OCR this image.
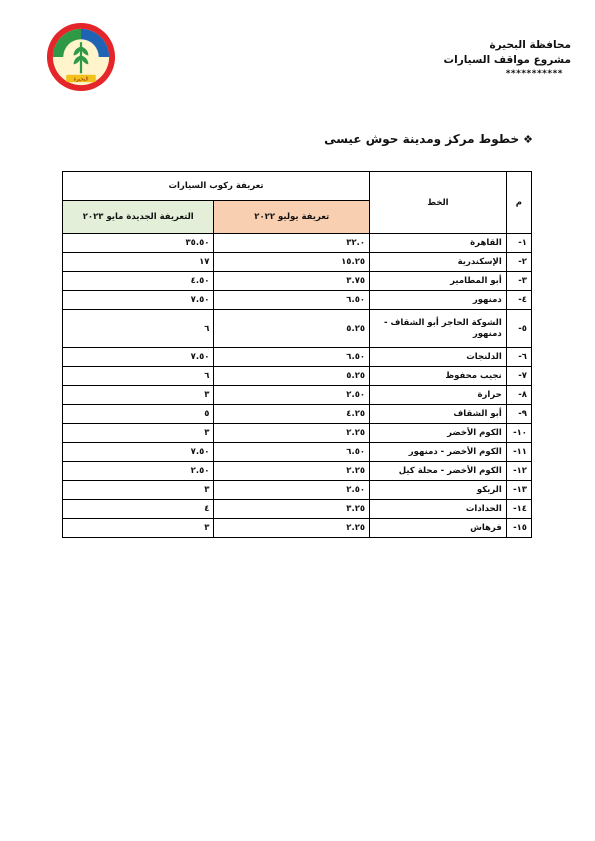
البحيرة
محافظة البحيرة
مشروع مواقف السيارات
***********
❖
خطوط مركز ومدينة حوش عيسى
م	الخط	تعريفة ركوب السيارات	
		تعريفة يوليو ٢٠٢٢	التعريفة الجديدة مايو ٢٠٢٣
١-	القاهرة	٣٢.٠	٣٥.٥٠
٢-	الإسكندرية	١٥.٢٥	١٧
٣-	أبو المطامير	٣.٧٥	٤.٥٠
٤-	دمنهور	٦.٥٠	٧.٥٠
٥-	الشوكة الحاجر أبو الشقاف - دمنهور	٥.٢٥	٦
٦-	الدلنجات	٦.٥٠	٧.٥٠
٧-	نجيب محفوظ	٥.٢٥	٦
٨-	حرارة	٢.٥٠	٣
٩-	أبو الشقاف	٤.٢٥	٥
١٠-	الكوم الأخضر	٢.٢٥	٣
١١-	الكوم الأخضر - دمنهور	٦.٥٠	٧.٥٠
١٢-	الكوم الأخضر - محلة كيل	٢.٢٥	٢.٥٠
١٣-	الريكو	٢.٥٠	٣
١٤-	الحدادات	٣.٢٥	٤
١٥-	فرهاش	٢.٢٥	٣
